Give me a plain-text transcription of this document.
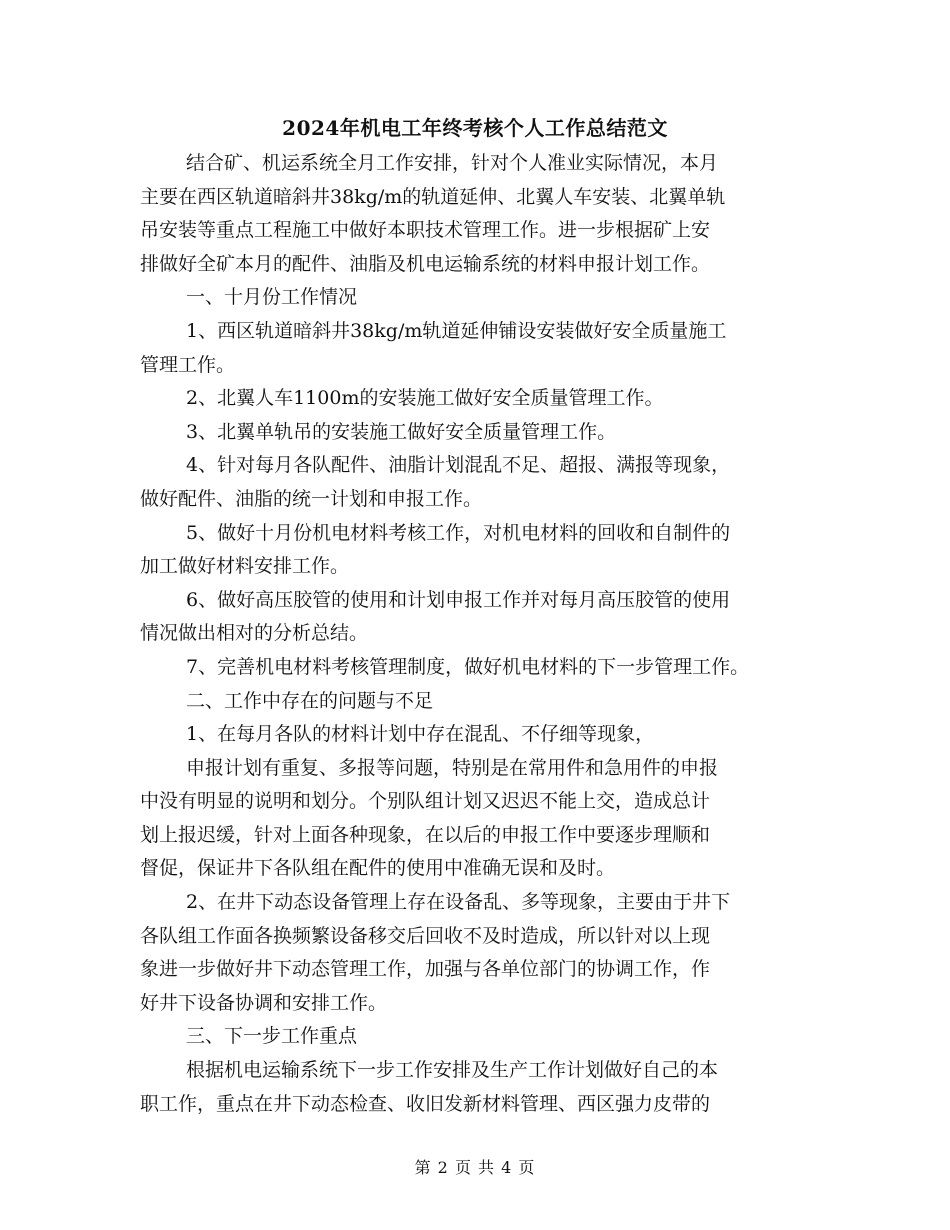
2024年机电工年终考核个人工作总结范文
结合矿、机运系统全月工作安排，针对个人准业实际情况，本月
主要在西区轨道暗斜井38kg/m的轨道延伸、北翼人车安装、北翼单轨
吊安装等重点工程施工中做好本职技术管理工作。进一步根据矿上安
排做好全矿本月的配件、油脂及机电运输系统的材料申报计划工作。
一、十月份工作情况
1、西区轨道暗斜井38kg/m轨道延伸铺设安装做好安全质量施工
管理工作。
2、北翼人车1100m的安装施工做好安全质量管理工作。
3、北翼单轨吊的安装施工做好安全质量管理工作。
4、针对每月各队配件、油脂计划混乱不足、超报、满报等现象，
做好配件、油脂的统一计划和申报工作。
5、做好十月份机电材料考核工作，对机电材料的回收和自制件的
加工做好材料安排工作。
6、做好高压胶管的使用和计划申报工作并对每月高压胶管的使用
情况做出相对的分析总结。
7、完善机电材料考核管理制度，做好机电材料的下一步管理工作。
二、工作中存在的问题与不足
1、在每月各队的材料计划中存在混乱、不仔细等现象，
申报计划有重复、多报等问题，特别是在常用件和急用件的申报
中没有明显的说明和划分。个别队组计划又迟迟不能上交，造成总计
划上报迟缓，针对上面各种现象，在以后的申报工作中要逐步理顺和
督促，保证井下各队组在配件的使用中准确无误和及时。
2、在井下动态设备管理上存在设备乱、多等现象，主要由于井下
各队组工作面各换频繁设备移交后回收不及时造成，所以针对以上现
象进一步做好井下动态管理工作，加强与各单位部门的协调工作，作
好井下设备协调和安排工作。
三、下一步工作重点
根据机电运输系统下一步工作安排及生产工作计划做好自己的本
职工作，重点在井下动态检查、收旧发新材料管理、西区强力皮带的
第 2 页 共 4 页
